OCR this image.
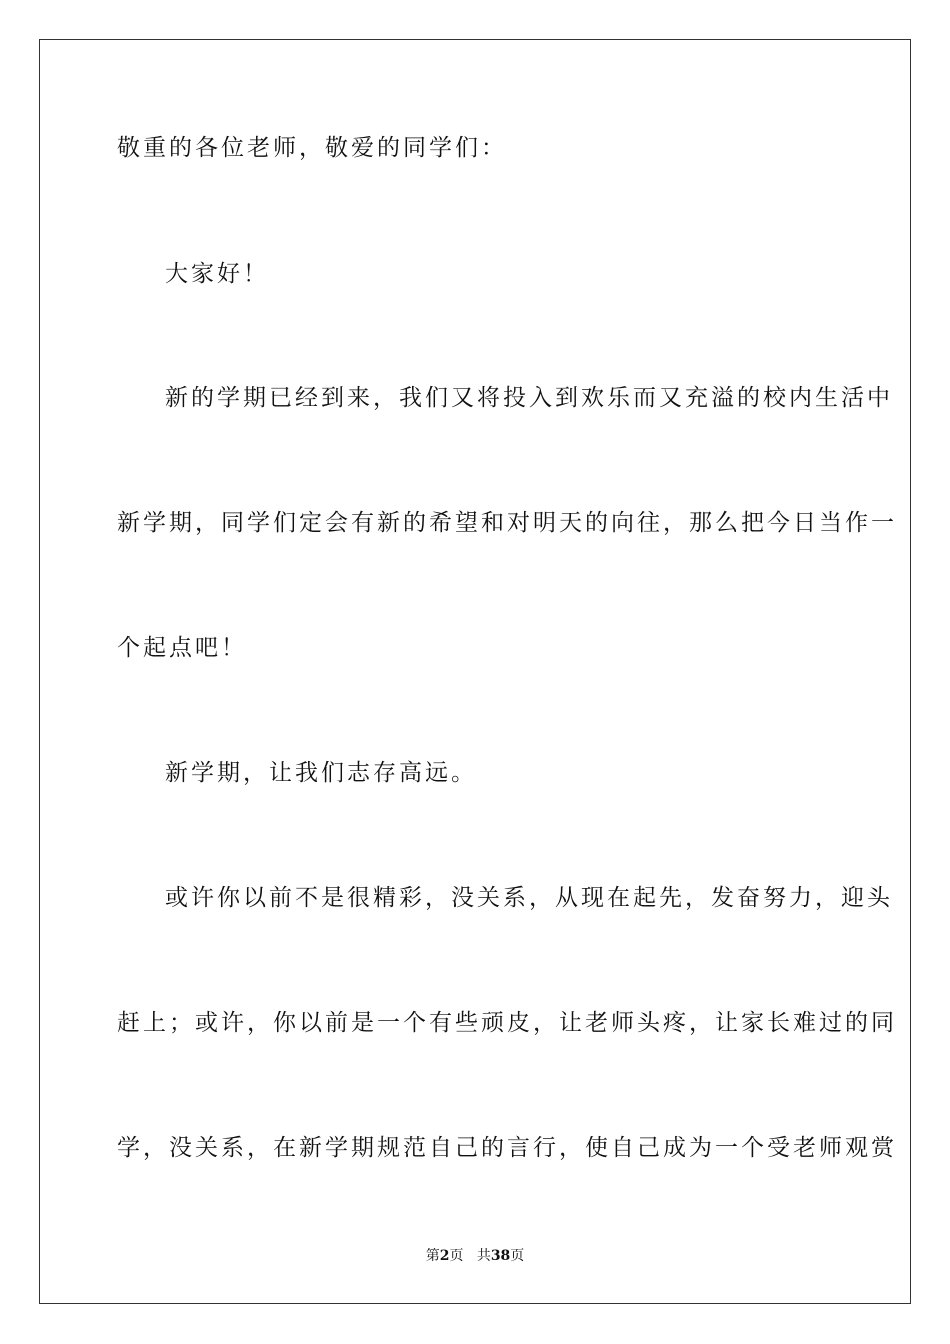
敬重的各位老师，敬爱的同学们：
大家好！
新的学期已经到来，我们又将投入到欢乐而又充溢的校内生活中
新学期，同学们定会有新的希望和对明天的向往，那么把今日当作一
个起点吧！
新学期，让我们志存高远。
或许你以前不是很精彩，没关系，从现在起先，发奋努力，迎头
赶上；或许，你以前是一个有些顽皮，让老师头疼，让家长难过的同
学，没关系，在新学期规范自己的言行，使自己成为一个受老师观赏
第2页 共38页
